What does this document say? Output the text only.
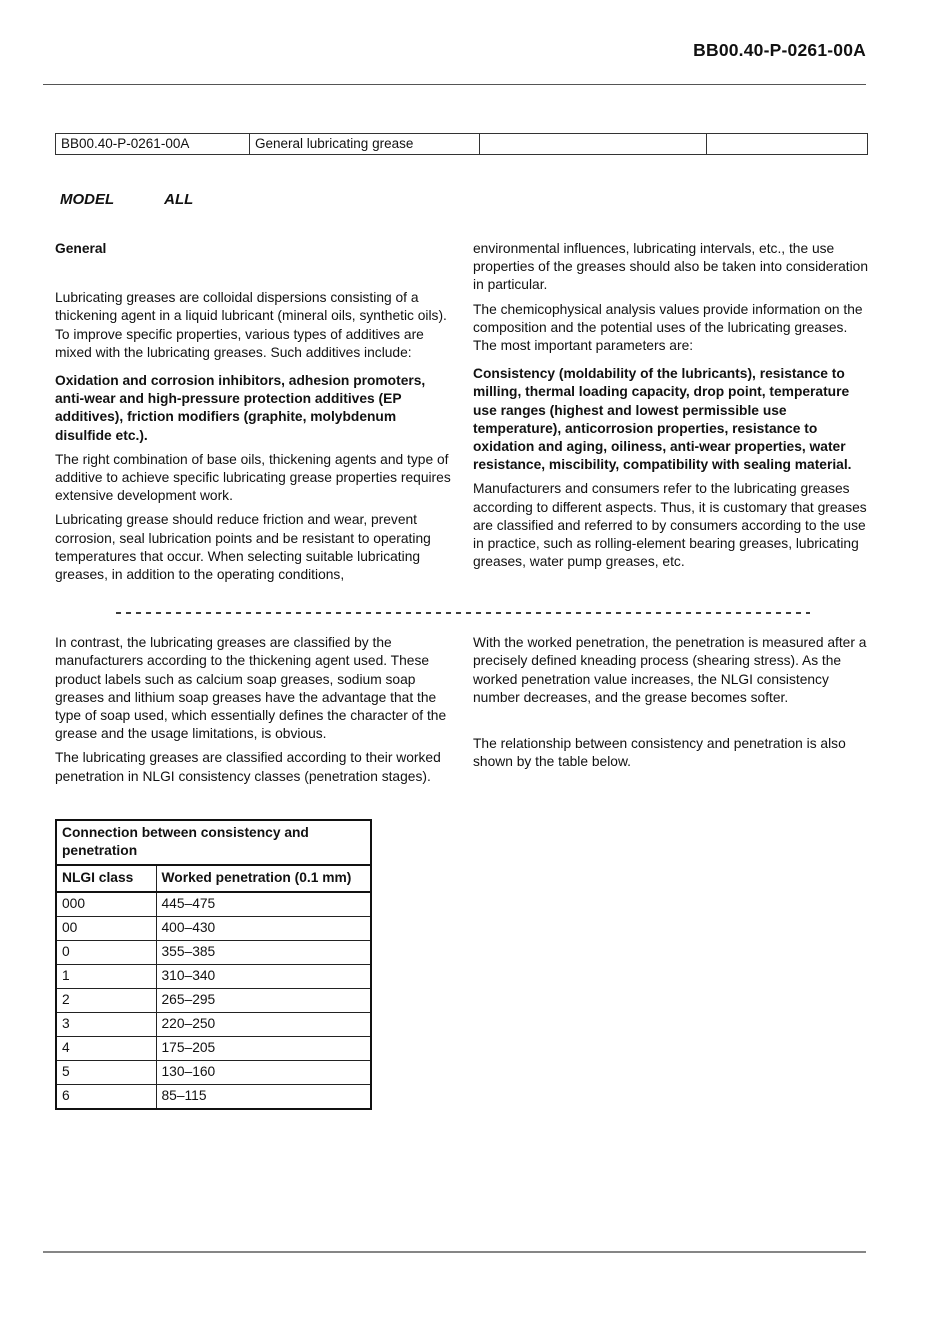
BB00.40-P-0261-00A
BB00.40-P-0261-00A	General lubricating grease		
MODEL	ALL
General

Lubricating greases are colloidal dispersions consisting of a thickening agent in a liquid lubricant (mineral oils, synthetic oils). To improve specific properties, various types of additives are mixed with the lubricating greases. Such additives include:

Oxidation and corrosion inhibitors, adhesion promoters, anti-wear and high-pressure protection additives (EP additives), friction modifiers (graphite, molybdenum disulfide etc.).

The right combination of base oils, thickening agents and type of additive to achieve specific lubricating grease properties requires extensive development work.

Lubricating grease should reduce friction and wear, prevent corrosion, seal lubrication points and be resistant to operating temperatures that occur. When selecting suitable lubricating greases, in addition to the operating conditions,

environmental influences, lubricating intervals, etc., the use properties of the greases should also be taken into consideration in particular.

The chemicophysical analysis values provide information on the composition and the potential uses of the lubricating greases. The most important parameters are:

Consistency (moldability of the lubricants), resistance to milling, thermal loading capacity, drop point, temperature use ranges (highest and lowest permissible use temperature), anticorrosion properties, resistance to oxidation and aging, oiliness, anti-wear properties, water resistance, miscibility, compatibility with sealing material.

Manufacturers and consumers refer to the lubricating greases according to different aspects. Thus, it is customary that greases are classified and referred to by consumers according to the use in practice, such as rolling-element bearing greases, lubricating greases, water pump greases, etc.

In contrast, the lubricating greases are classified by the manufacturers according to the thickening agent used. These product labels such as calcium soap greases, sodium soap greases and lithium soap greases have the advantage that the type of soap used, which essentially defines the character of the grease and the usage limitations, is obvious.

The lubricating greases are classified according to their worked penetration in NLGI consistency classes (penetration stages).

With the worked penetration, the penetration is measured after a precisely defined kneading process (shearing stress). As the worked penetration value increases, the NLGI consistency number decreases, and the grease becomes softer.

The relationship between consistency and penetration is also shown by the table below.

Connection between consistency and penetration	
NLGI class	Worked penetration (0.1 mm)
000	445–475
00	400–430
0	355–385
1	310–340
2	265–295
3	220–250
4	175–205
5	130–160
6	85–115
